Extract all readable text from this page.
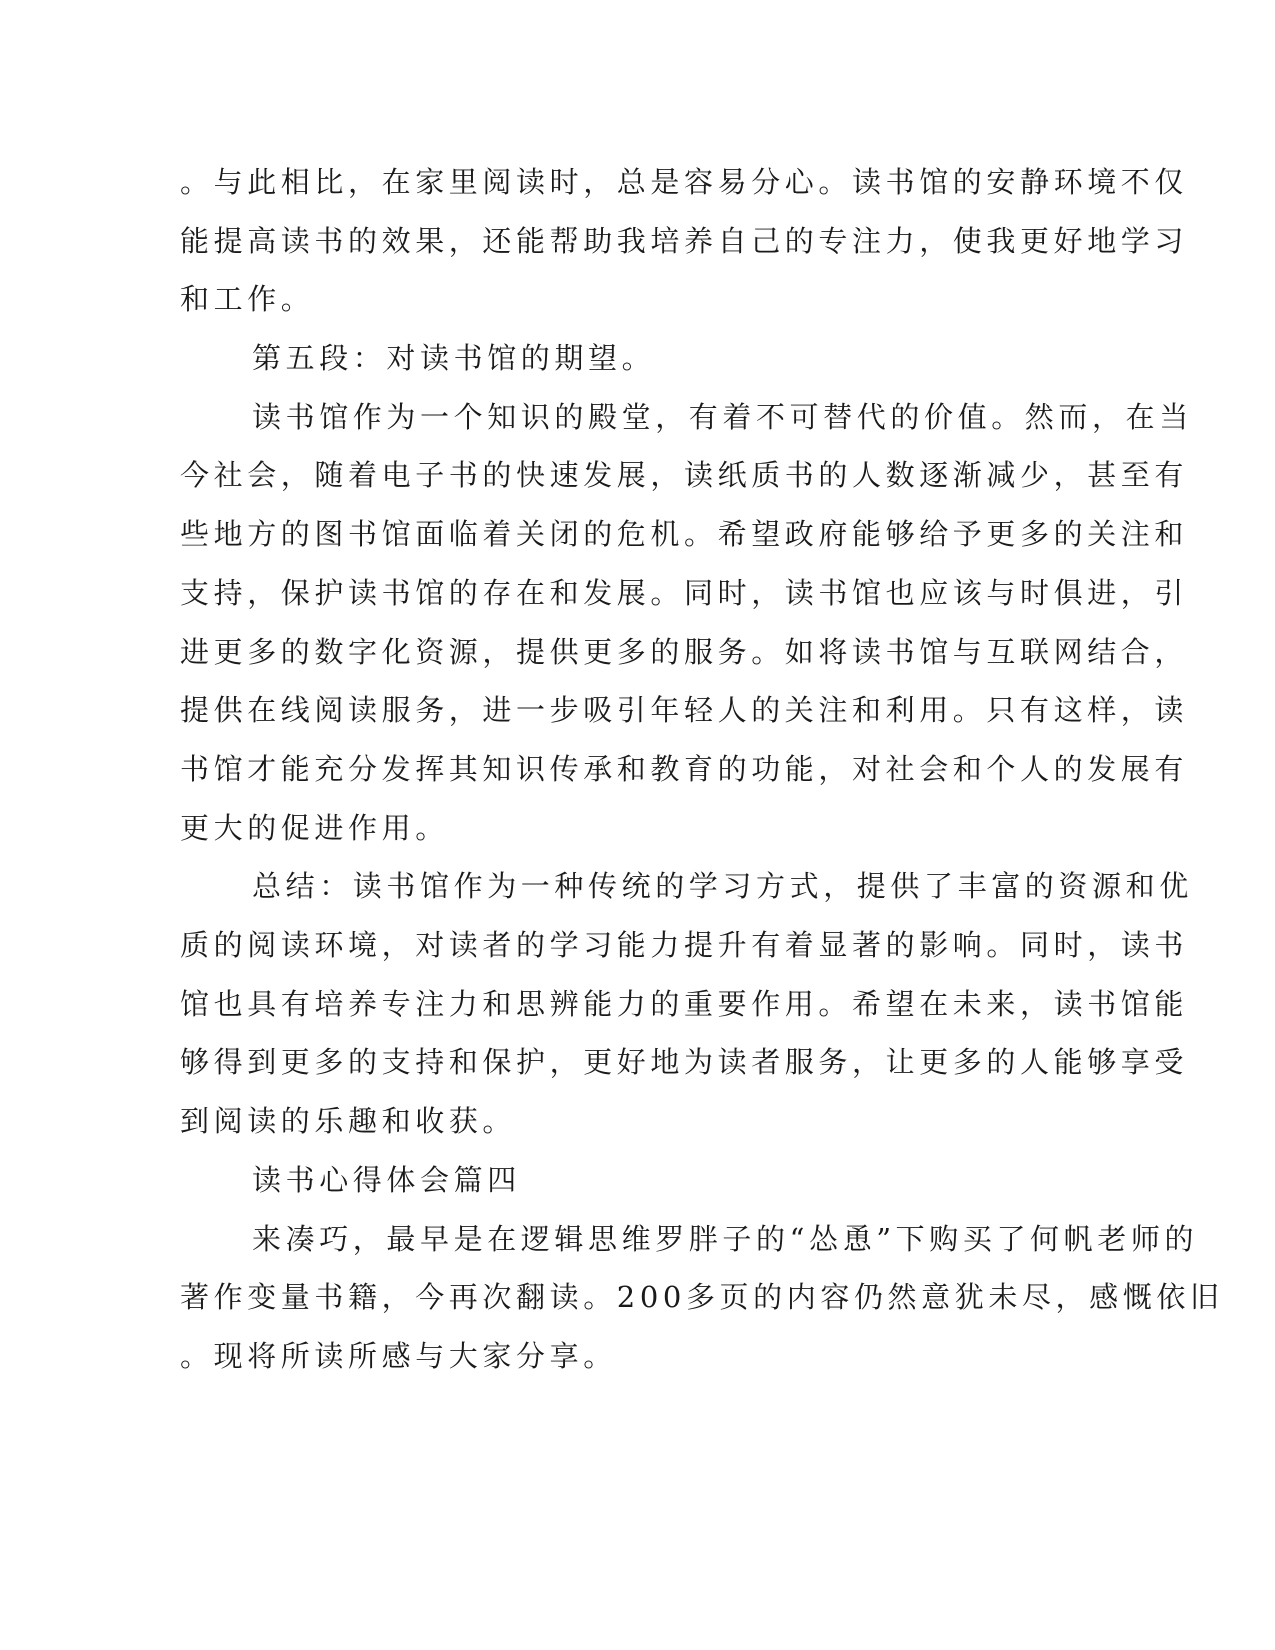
。与此相比，在家里阅读时，总是容易分心。读书馆的安静环境不仅
能提高读书的效果，还能帮助我培养自己的专注力，使我更好地学习
和工作。
第五段：对读书馆的期望。
读书馆作为一个知识的殿堂，有着不可替代的价值。然而，在当
今社会，随着电子书的快速发展，读纸质书的人数逐渐减少，甚至有
些地方的图书馆面临着关闭的危机。希望政府能够给予更多的关注和
支持，保护读书馆的存在和发展。同时，读书馆也应该与时俱进，引
进更多的数字化资源，提供更多的服务。如将读书馆与互联网结合，
提供在线阅读服务，进一步吸引年轻人的关注和利用。只有这样，读
书馆才能充分发挥其知识传承和教育的功能，对社会和个人的发展有
更大的促进作用。
总结：读书馆作为一种传统的学习方式，提供了丰富的资源和优
质的阅读环境，对读者的学习能力提升有着显著的影响。同时，读书
馆也具有培养专注力和思辨能力的重要作用。希望在未来，读书馆能
够得到更多的支持和保护，更好地为读者服务，让更多的人能够享受
到阅读的乐趣和收获。
读书心得体会篇四
来凑巧，最早是在逻辑思维罗胖子的“怂恿”下购买了何帆老师的
著作变量书籍，今再次翻读。200多页的内容仍然意犹未尽，感慨依旧
。现将所读所感与大家分享。
